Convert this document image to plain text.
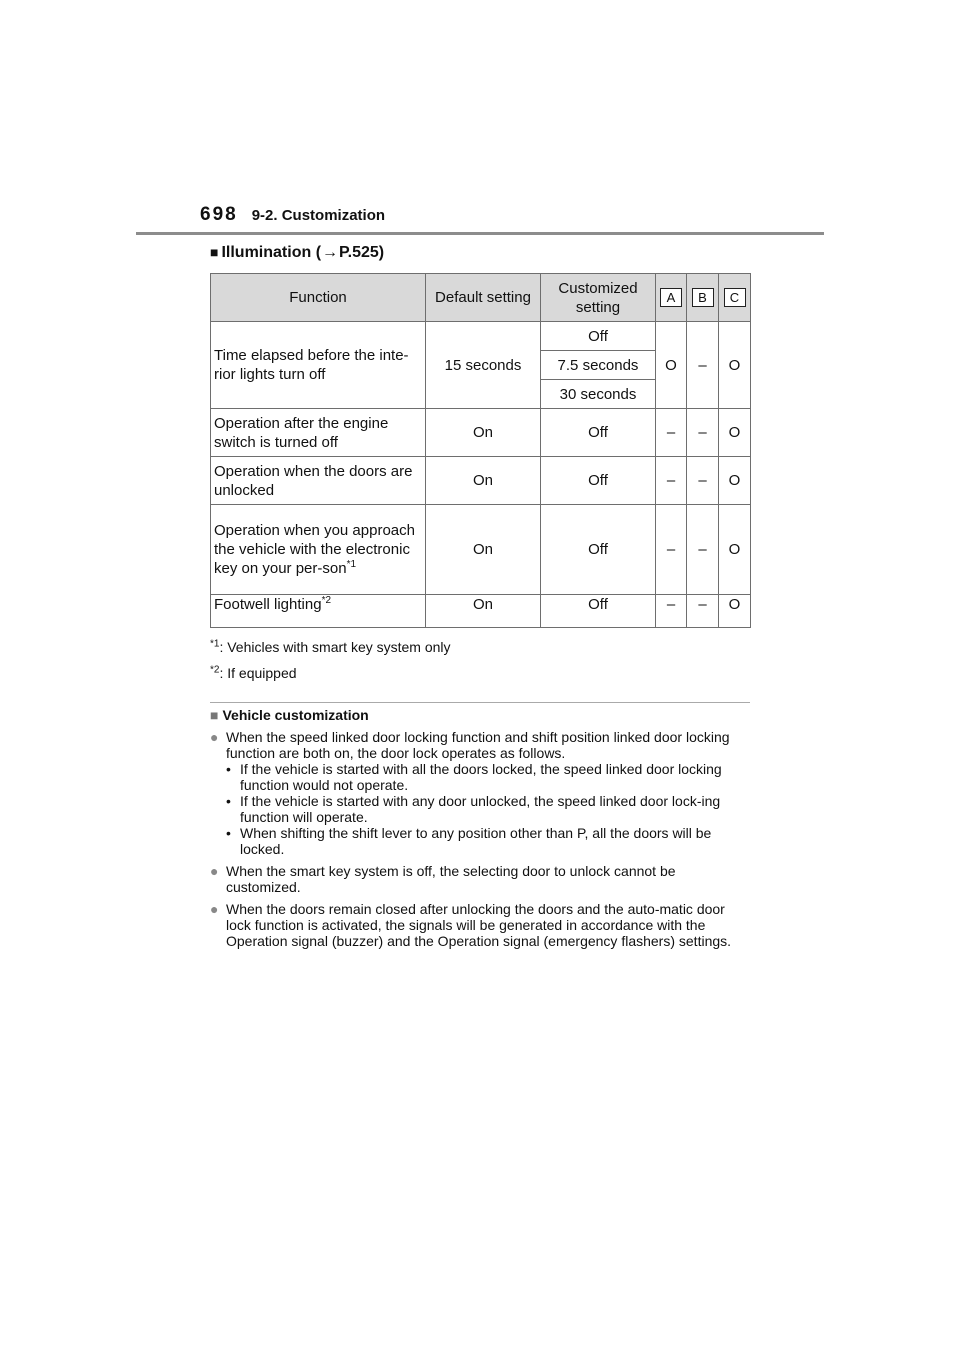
698 9-2. Customization
■ Illumination (→P.525)
Function	Default setting	Customized setting	A	B	C
Time elapsed before the inte-rior lights turn off	15 seconds	Off	O	–	O
		7.5 seconds			
		30 seconds			
Operation after the engine switch is turned off	On	Off	–	–	O
Operation when the doors are unlocked	On	Off	–	–	O
Operation when you approach the vehicle with the electronic key on your per-son$^{*1}$	On	Off	–	–	O
Footwell lighting$^{*2}$	On	Off	–	–	O

$^{*1}$: Vehicles with smart key system only

$^{*2}$: If equipped

■ Vehicle customization
● When the speed linked door locking function and shift position linked door locking function are both on, the door lock operates as follows.
• If the vehicle is started with all the doors locked, the speed linked door locking function would not operate.
• If the vehicle is started with any door unlocked, the speed linked door lock-ing function will operate.
• When shifting the shift lever to any position other than P, all the doors will be locked.
● When the smart key system is off, the selecting door to unlock cannot be customized.
● When the doors remain closed after unlocking the doors and the auto-matic door lock function is activated, the signals will be generated in accordance with the Operation signal (buzzer) and the Operation signal (emergency flashers) settings.
